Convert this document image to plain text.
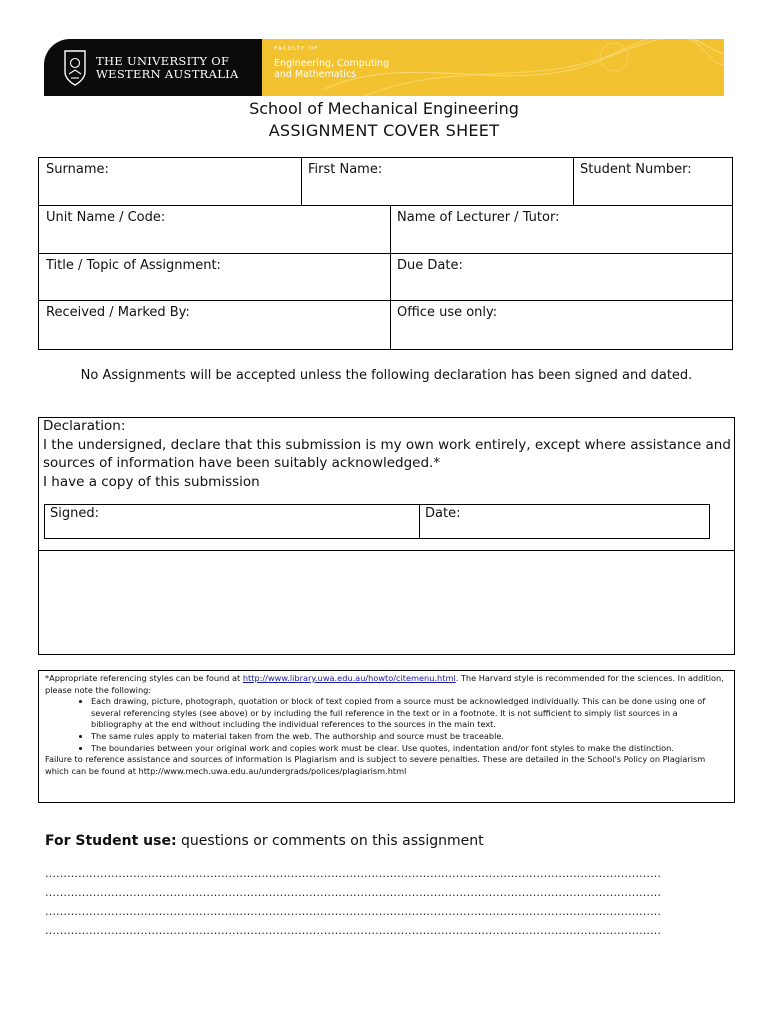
THE UNIVERSITY OF
WESTERN AUSTRALIA
FACULTY OF
Engineering, Computing
and Mathematics
School of Mechanical Engineering
ASSIGNMENT COVER SHEET
Surname:	First Name:	Student Number:
Unit Name / Code:	Name of Lecturer / Tutor:
Title / Topic of Assignment:	Due Date:
Received / Marked By:	Office use only:
No Assignments will be accepted unless the following declaration has been signed and dated.
Declaration:
I the undersigned, declare that this submission is my own work entirely, except where assistance and sources of information have been suitably acknowledged.*
I have a copy of this submission
Signed:	Date:
*Appropriate referencing styles can be found at http://www.library.uwa.edu.au/howto/citemenu.html. The Harvard style is recommended for the sciences. In addition, please note the following:
• Each drawing, picture, photograph, quotation or block of text copied from a source must be acknowledged individually. This can be done using one of several referencing styles (see above) or by including the full reference in the text or in a footnote. It is not sufficient to simply list sources in a bibliography at the end without including the individual references to the sources in the main text.
• The same rules apply to material taken from the web. The authorship and source must be traceable.
• The boundaries between your original work and copies work must be clear. Use quotes, indentation and/or font styles to make the distinction.
Failure to reference assistance and sources of information is Plagiarism and is subject to severe penalties. These are detailed in the School's Policy on Plagiarism which can be found at http://www.mech.uwa.edu.au/undergrads/polices/plagiarism.html
For Student use: questions or comments on this assignment
……………………………………………………………………………………………………………………………………………………
……………………………………………………………………………………………………………………………………………………
……………………………………………………………………………………………………………………………………………………
……………………………………………………………………………………………………………………………………………………
